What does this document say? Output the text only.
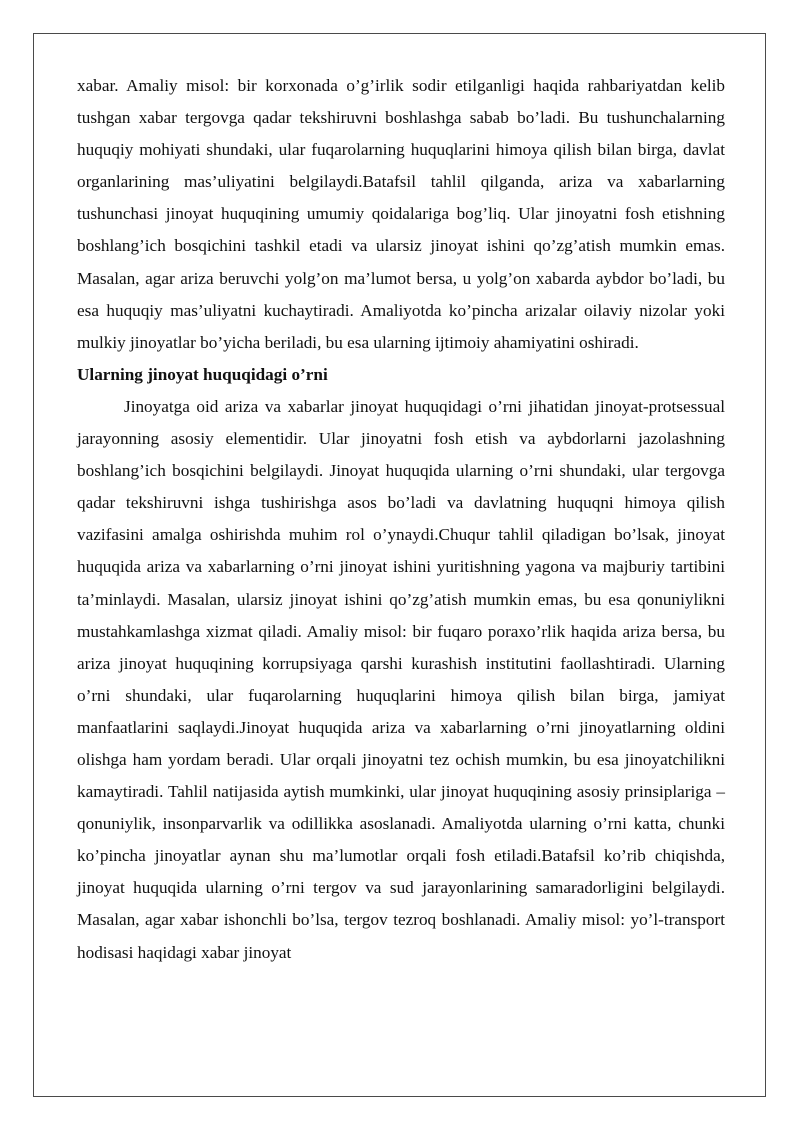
xabar. Amaliy misol: bir korxonada o’g’irlik sodir etilganligi haqida rahbariyatdan kelib tushgan xabar tergovga qadar tekshiruvni boshlashga sabab bo’ladi. Bu tushunchalarning huquqiy mohiyati shundaki, ular fuqarolarning huquqlarini himoya qilish bilan birga, davlat organlarining mas’uliyatini belgilaydi.Batafsil tahlil qilganda, ariza va xabarlarning tushunchasi jinoyat huquqining umumiy qoidalariga bog’liq. Ular jinoyatni fosh etishning boshlang’ich bosqichini tashkil etadi va ularsiz jinoyat ishini qo’zg’atish mumkin emas. Masalan, agar ariza beruvchi yolg’on ma’lumot bersa, u yolg’on xabarda aybdor bo’ladi, bu esa huquqiy mas’uliyatni kuchaytiradi. Amaliyotda ko’pincha arizalar oilaviy nizolar yoki mulkiy jinoyatlar bo’yicha beriladi, bu esa ularning ijtimoiy ahamiyatini oshiradi.

Ularning jinoyat huquqidagi o’rni

Jinoyatga oid ariza va xabarlar jinoyat huquqidagi o’rni jihatidan jinoyat-protsessual jarayonning asosiy elementidir. Ular jinoyatni fosh etish va aybdorlarni jazolashning boshlang’ich bosqichini belgilaydi. Jinoyat huquqida ularning o’rni shundaki, ular tergovga qadar tekshiruvni ishga tushirishga asos bo’ladi va davlatning huquqni himoya qilish vazifasini amalga oshirishda muhim rol o’ynaydi.Chuqur tahlil qiladigan bo’lsak, jinoyat huquqida ariza va xabarlarning o’rni jinoyat ishini yuritishning yagona va majburiy tartibini ta’minlaydi. Masalan, ularsiz jinoyat ishini qo’zg’atish mumkin emas, bu esa qonuniylikni mustahkamlashga xizmat qiladi. Amaliy misol: bir fuqaro poraxo’rlik haqida ariza bersa, bu ariza jinoyat huquqining korrupsiyaga qarshi kurashish institutini faollashtiradi. Ularning o’rni shundaki, ular fuqarolarning huquqlarini himoya qilish bilan birga, jamiyat manfaatlarini saqlaydi.Jinoyat huquqida ariza va xabarlarning o’rni jinoyatlarning oldini olishga ham yordam beradi. Ular orqali jinoyatni tez ochish mumkin, bu esa jinoyatchilikni kamaytiradi. Tahlil natijasida aytish mumkinki, ular jinoyat huquqining asosiy prinsiplariga – qonuniylik, insonparvarlik va odillikka asoslanadi. Amaliyotda ularning o’rni katta, chunki ko’pincha jinoyatlar aynan shu ma’lumotlar orqali fosh etiladi.Batafsil ko’rib chiqishda, jinoyat huquqida ularning o’rni tergov va sud jarayonlarining samaradorligini belgilaydi. Masalan, agar xabar ishonchli bo’lsa, tergov tezroq boshlanadi. Amaliy misol: yo’l-transport hodisasi haqidagi xabar jinoyat
